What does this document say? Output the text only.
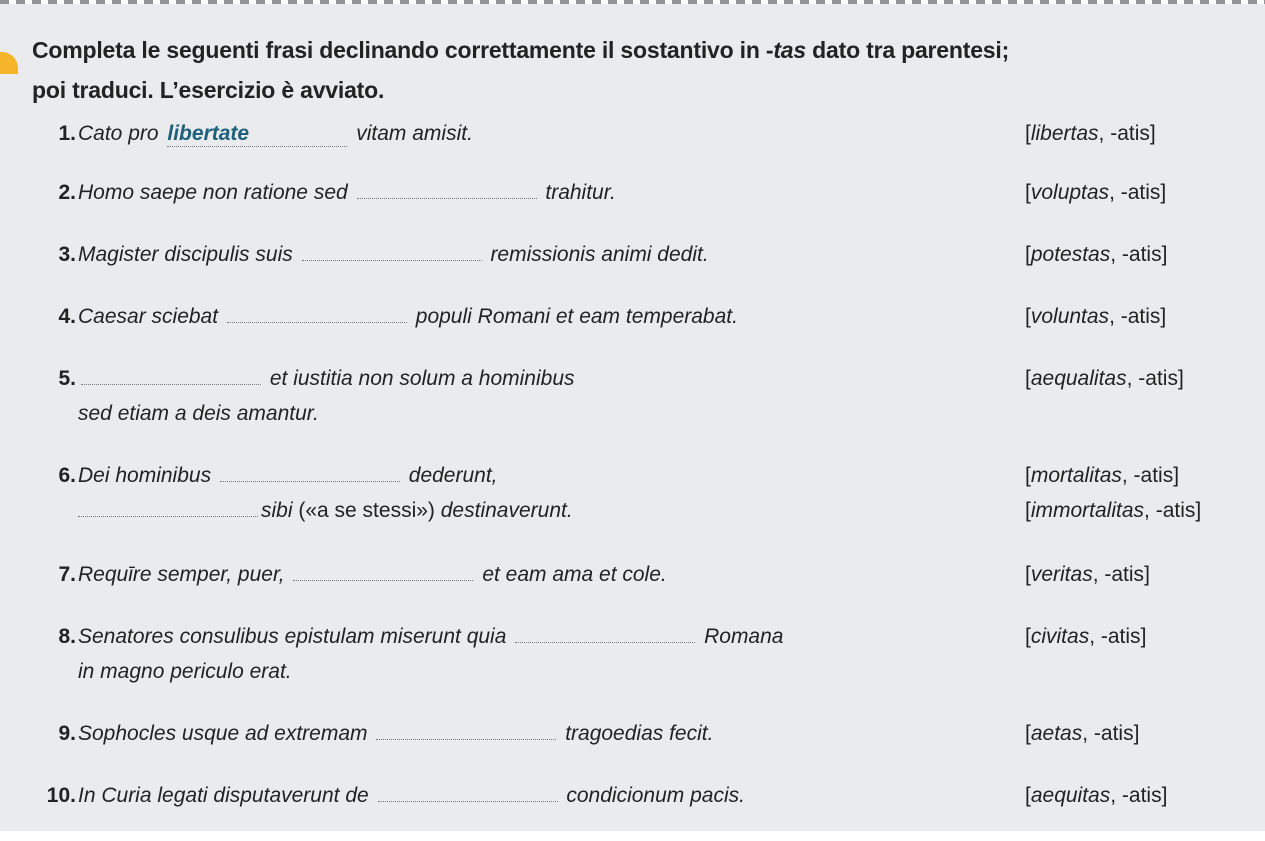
Completa le seguenti frasi declinando correttamente il sostantivo in -tas dato tra parentesi;
poi traduci. L’esercizio è avviato.
1. Cato pro libertate	vitam amisit.	[libertas, -atis]
2. Homo saepe non ratione sed	trahitur.	[voluptas, -atis]
3. Magister discipulis suis	remissionis animi dedit.	[potestas, -atis]
4. Caesar sciebat	populi Romani et eam temperabat.	[voluntas, -atis]
5.	et iustitia non solum a hominibus
sed etiam a deis amantur.
[aequalitas, -atis]
6. Dei hominibus	dederunt,
sibi («a se stessi») destinaverunt.
[mortalitas, -atis]
[immortalitas, -atis]
7. Requīre semper, puer,	et eam ama et cole.	[veritas, -atis]
8. Senatores consulibus epistulam miserunt quia	Romana
in magno periculo erat.
[civitas, -atis]
9. Sophocles usque ad extremam	tragoedias fecit.	[aetas, -atis]
10. In Curia legati disputaverunt de	condicionum pacis.	[aequitas, -atis]
